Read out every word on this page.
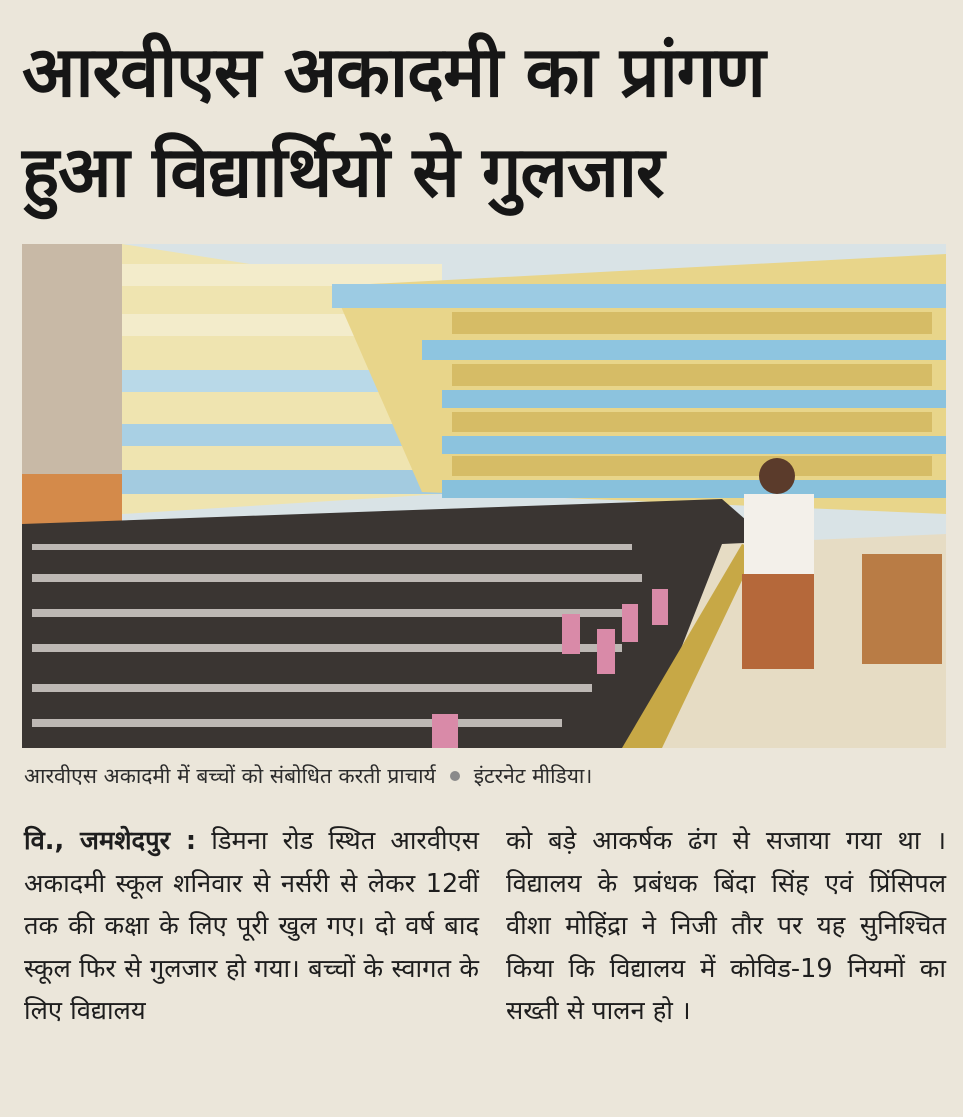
आरवीएस अकादमी का प्रांगण
हुआ विद्यार्थियों से गुलजार
आरवीएस अकादमी में बच्चों को संबोधित करती प्राचार्य इंटरनेट मीडिया।

वि., जमशेदपुर : डिमना रोड स्थित आरवीएस अकादमी स्कूल शनिवार से नर्सरी से लेकर 12वीं तक की कक्षा के लिए पूरी खुल गए। दो वर्ष बाद स्कूल फिर से गुलजार हो गया। बच्चों के स्वागत के लिए विद्यालय

को बड़े आकर्षक ढंग से सजाया गया था । विद्यालय के प्रबंधक बिंदा सिंह एवं प्रिंसिपल वीशा मोहिंद्रा ने निजी तौर पर यह सुनिश्चित किया कि विद्यालय में कोविड-19 नियमों का सख्ती से पालन हो ।
